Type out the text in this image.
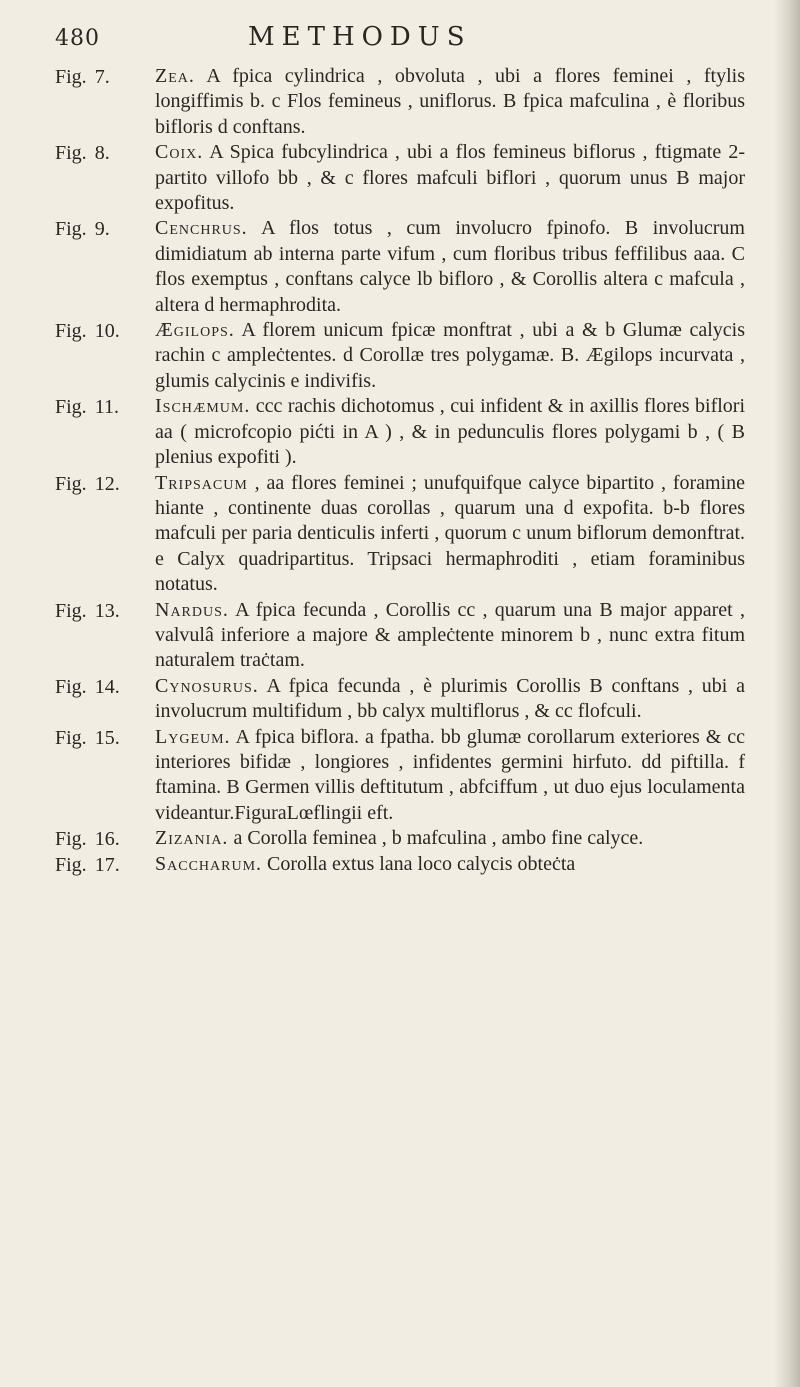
480	METHODUS
Fig. 7.	Zea. A fpica cylindrica , obvoluta , ubi a flores feminei , ftylis longiffimis b. c Flos femineus , uniflorus. B fpica mafculina , è floribus bifloris d conftans.
Fig. 8.	Coix. A Spica fubcylindrica , ubi a flos femineus biflorus , ftigmate 2-partito villofo bb , & c flores mafculi biflori , quorum unus B major expofitus.
Fig. 9.	Cenchrus. A flos totus , cum involucro fpinofo. B involucrum dimidiatum ab interna parte vifum , cum floribus tribus feffilibus aaa. C flos exemptus , conftans calyce lb bifloro , & Corollis altera c mafcula , altera d hermaphrodita.
Fig. 10.	Ægilops. A florem unicum fpicæ monftrat , ubi a & b Glumæ calycis rachin c ampleċtentes. d Corollæ tres polygamæ. B. Ægilops incurvata , glumis calycinis e indivifis.
Fig. 11.	Ischæmum. ccc rachis dichotomus , cui infident & in axillis flores biflori aa ( microfcopio pićti in A ) , & in pedunculis flores polygami b , ( B plenius expofiti ).
Fig. 12.	Tripsacum , aa flores feminei ; unufquifque calyce bipartito , foramine hiante , continente duas corollas , quarum una d expofita. b-b flores mafculi per paria denticulis inferti , quorum c unum biflorum demonftrat. e Calyx quadripartitus. Tripsaci hermaphroditi , etiam foraminibus notatus.
Fig. 13.	Nardus. A fpica fecunda , Corollis cc , quarum una B major apparet , valvulâ inferiore a majore & ampleċtente minorem b , nunc extra fitum naturalem traċtam.
Fig. 14.	Cynosurus. A fpica fecunda , è plurimis Corollis B conftans , ubi a involucrum multifidum , bb calyx multiflorus , & cc flofculi.
Fig. 15.	Lygeum. A fpica biflora. a fpatha. bb glumæ corollarum exteriores & cc interiores bifidæ , longiores , infidentes germini hirfuto. dd piftilla. f ftamina. B Germen villis deftitutum , abfciffum , ut duo ejus loculamenta videantur.FiguraLœflingii eft.
Fig. 16.	Zizania. a Corolla feminea , b mafculina , ambo fine calyce.
Fig. 17.	Saccharum. Corolla extus lana loco calycis obteċta
